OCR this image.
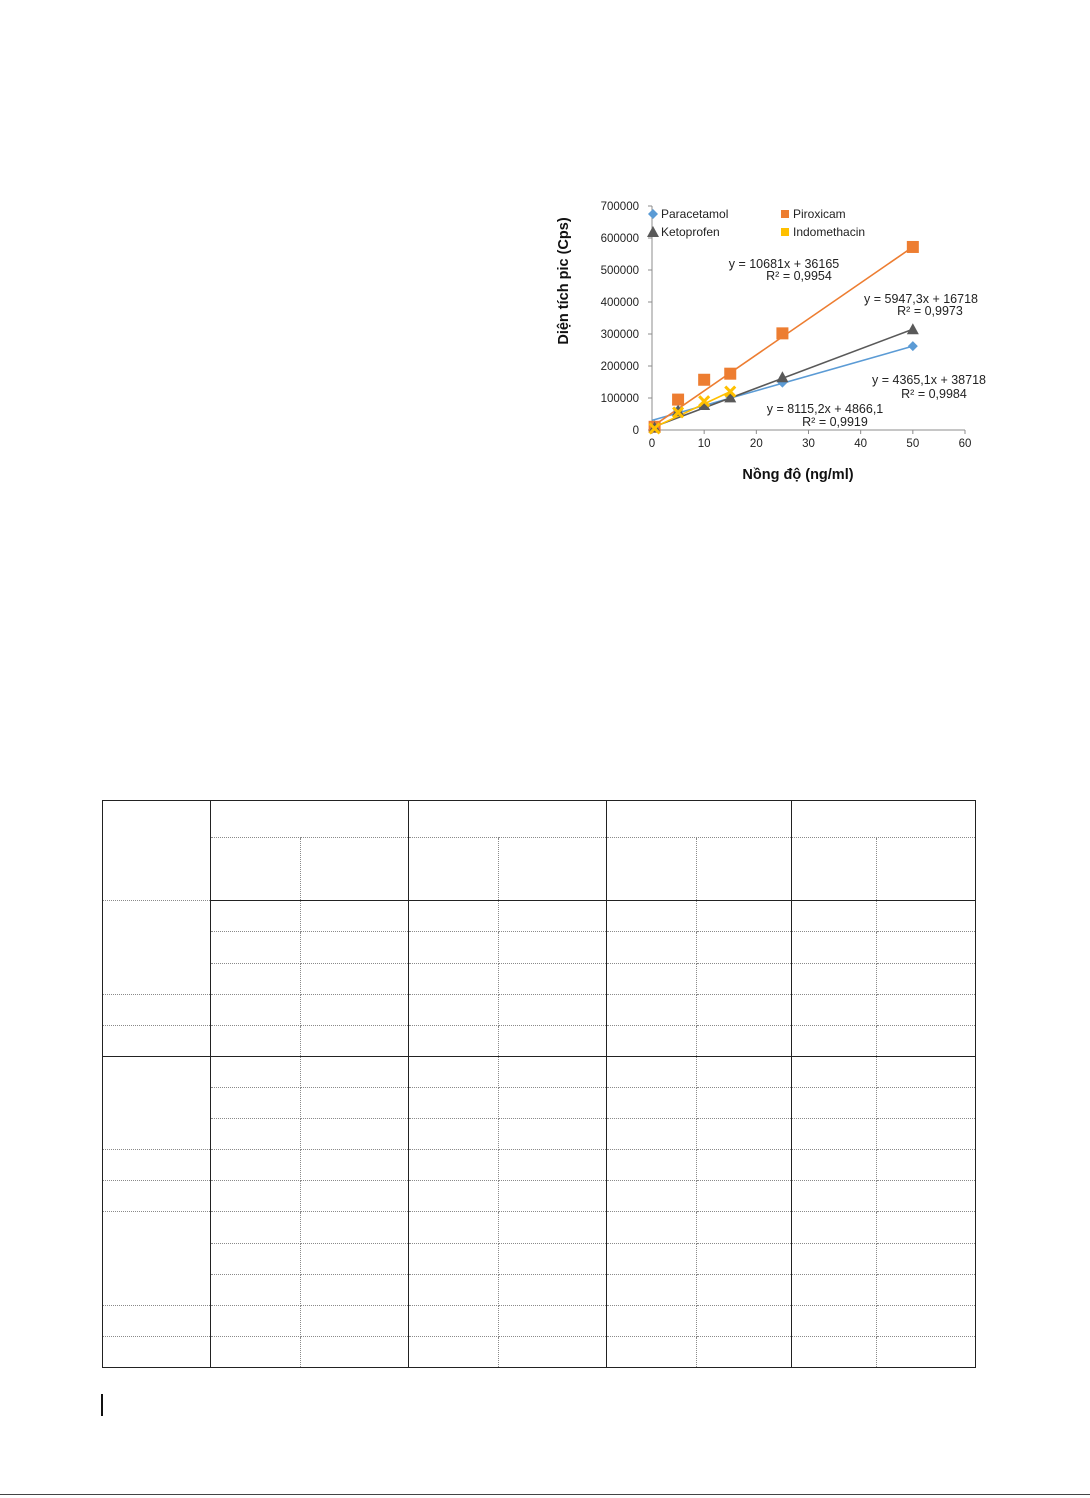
0
100000
200000
300000
400000
500000
600000
700000
0	10	20	30	40	50	60
Paracetamol	Piroxicam
Ketoprofen	Indomethacin
y = 4365,1x + 38718
R² = 0,9984
y = 10681x + 36165
R² = 0,9954
y = 5947,3x + 16718
R² = 0,9973
y = 8115,2x + 4866,1
R² = 0,9919
Diện tích pic (Cps)
Nồng độ (ng/ml)
